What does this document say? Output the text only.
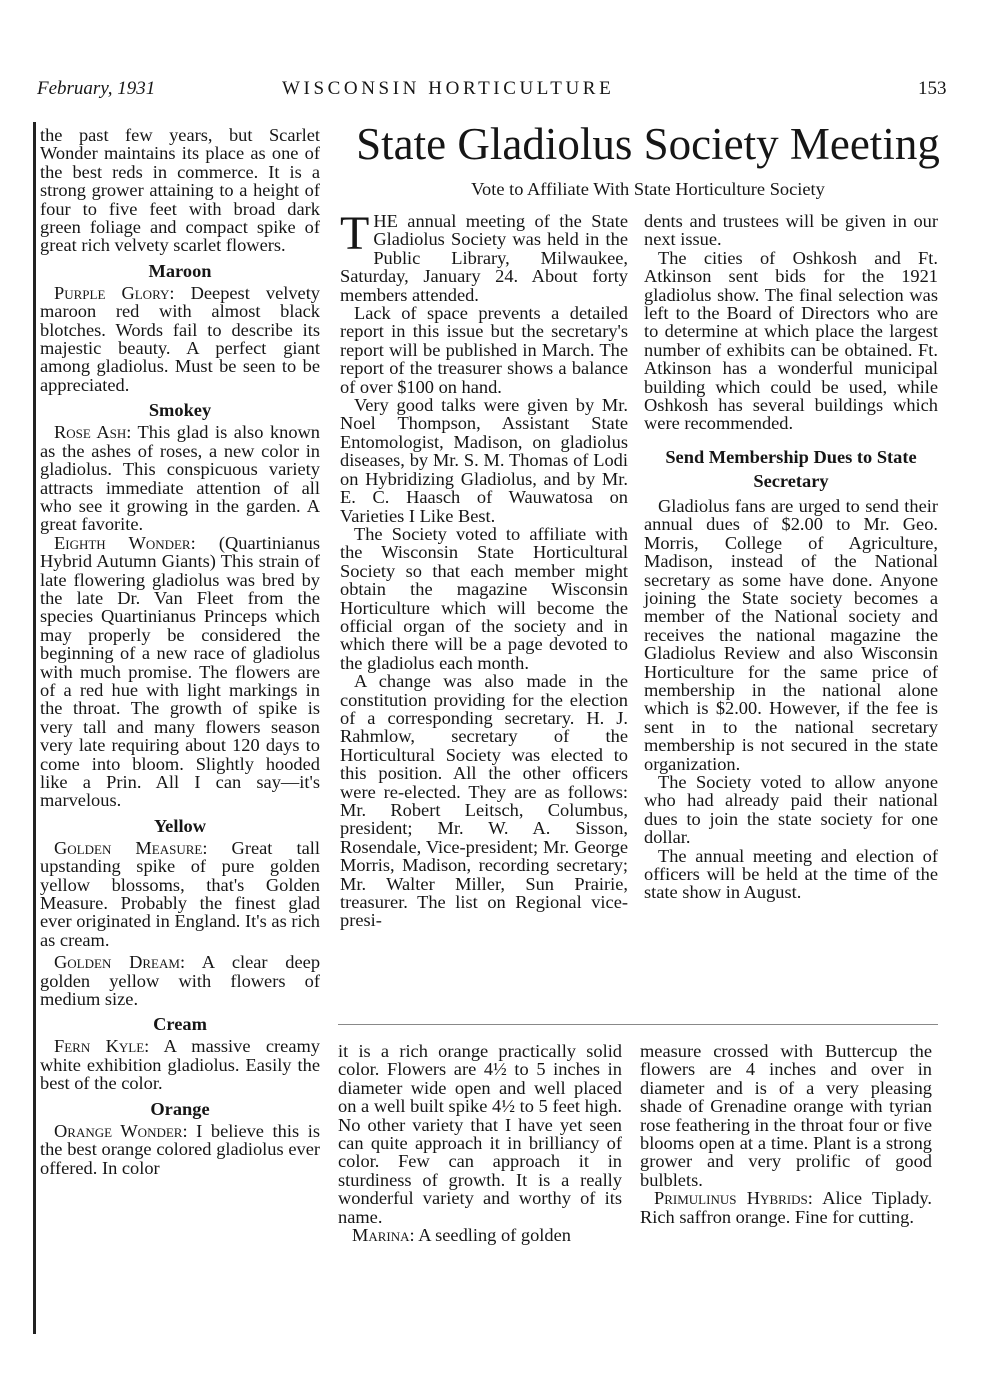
February, 1931	WISCONSIN HORTICULTURE	153

the past few years, but Scarlet Wonder maintains its place as one of the best reds in commerce. It is a strong grower attaining to a height of four to five feet with broad dark green foliage and compact spike of great rich velvety scarlet flowers.

Maroon

Purple Glory: Deepest velvety maroon red with almost black blotches. Words fail to describe its majestic beauty. A perfect giant among gladiolus. Must be seen to be appreciated.

Smokey

Rose Ash: This glad is also known as the ashes of roses, a new color in gladiolus. This conspicuous variety attracts immediate attention of all who see it growing in the garden. A great favorite.

Eighth Wonder: (Quartinianus Hybrid Autumn Giants) This strain of late flowering gladiolus was bred by the late Dr. Van Fleet from the species Quartinianus Princeps which may properly be considered the beginning of a new race of gladiolus with much promise. The flowers are of a red hue with light markings in the throat. The growth of spike is very tall and many flowers season very late requiring about 120 days to come into bloom. Slightly hooded like a Prin. All I can say—it's marvelous.

Yellow

Golden Measure: Great tall upstanding spike of pure golden yellow blossoms, that's Golden Measure. Probably the finest glad ever originated in England. It's as rich as cream.

Golden Dream: A clear deep golden yellow with flowers of medium size.

Cream

Fern Kyle: A massive creamy white exhibition gladiolus. Easily the best of the color.

Orange

Orange Wonder: I believe this is the best orange colored gladiolus ever offered. In color

State Gladiolus Society Meeting
Vote to Affiliate With State Horticulture Society

THE annual meeting of the State Gladiolus Society was held in the Public Library, Milwaukee, Saturday, January 24. About forty members attended.

Lack of space prevents a detailed report in this issue but the secretary's report will be published in March. The report of the treasurer shows a balance of over $100 on hand.

Very good talks were given by Mr. Noel Thompson, Assistant State Entomologist, Madison, on gladiolus diseases, by Mr. S. M. Thomas of Lodi on Hybridizing Gladiolus, and by Mr. E. C. Haasch of Wauwatosa on Varieties I Like Best.

The Society voted to affiliate with the Wisconsin State Horticultural Society so that each member might obtain the magazine Wisconsin Horticulture which will become the official organ of the society and in which there will be a page devoted to the gladiolus each month.

A change was also made in the constitution providing for the election of a corresponding secretary. H. J. Rahmlow, secretary of the Horticultural Society was elected to this position. All the other officers were re-elected. They are as follows: Mr. Robert Leitsch, Columbus, president; Mr. W. A. Sisson, Rosendale, Vice-president; Mr. George Morris, Madison, recording secretary; Mr. Walter Miller, Sun Prairie, treasurer. The list on Regional vice-presi-

dents and trustees will be given in our next issue.

The cities of Oshkosh and Ft. Atkinson sent bids for the 1921 gladiolus show. The final selection was left to the Board of Directors who are to determine at which place the largest number of exhibits can be obtained. Ft. Atkinson has a wonderful municipal building which could be used, while Oshkosh has several buildings which were recommended.

Send Membership Dues to State Secretary

Gladiolus fans are urged to send their annual dues of $2.00 to Mr. Geo. Morris, College of Agriculture, Madison, instead of the National secretary as some have done. Anyone joining the State society becomes a member of the National society and receives the national magazine the Gladiolus Review and also Wisconsin Horticulture for the same price of membership in the national alone which is $2.00. However, if the fee is sent in to the national secretary membership is not secured in the state organization.

The Society voted to allow anyone who had already paid their national dues to join the state society for one dollar.

The annual meeting and election of officers will be held at the time of the state show in August.

it is a rich orange practically solid color. Flowers are 4½ to 5 inches in diameter wide open and well placed on a well built spike 4½ to 5 feet high. No other variety that I have yet seen can quite approach it in brilliancy of color. Few can approach it in sturdiness of growth. It is a really wonderful variety and worthy of its name.

Marina: A seedling of golden

measure crossed with Buttercup the flowers are 4 inches and over in diameter and is of a very pleasing shade of Grenadine orange with tyrian rose feathering in the throat four or five blooms open at a time. Plant is a strong grower and very prolific of good bulblets.

Primulinus Hybrids: Alice Tiplady. Rich saffron orange. Fine for cutting.
